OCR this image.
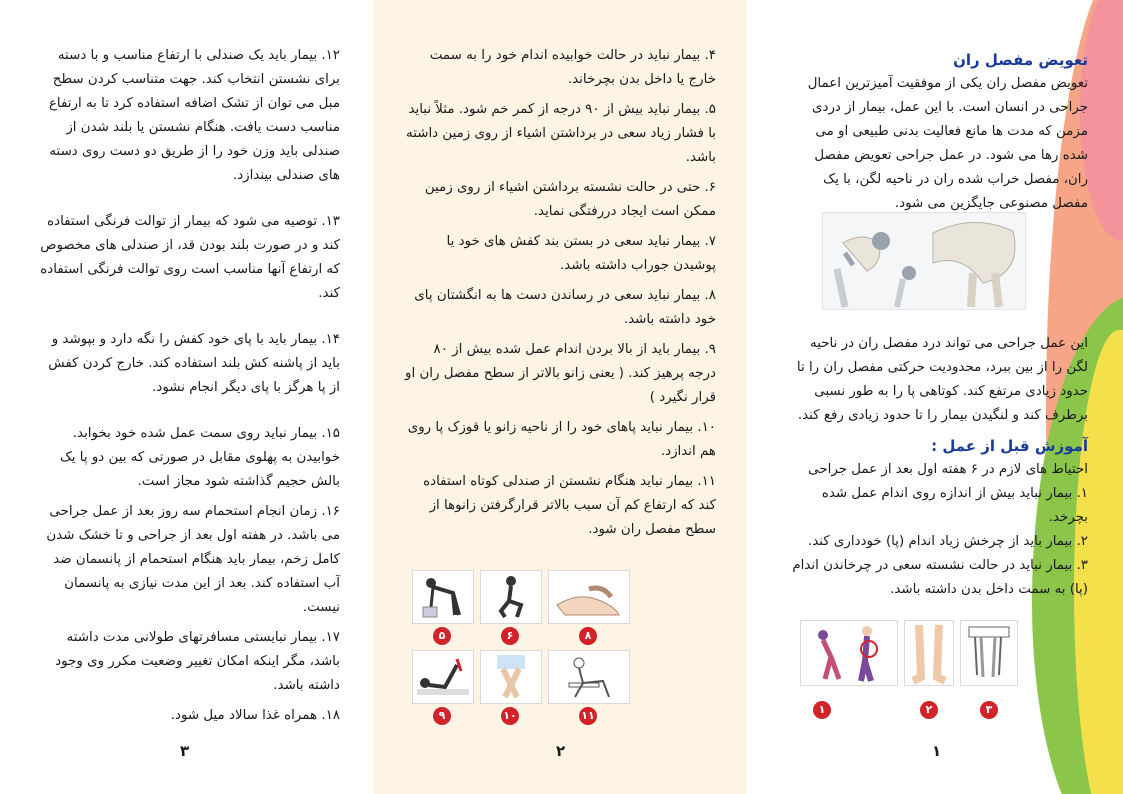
۱۲. بیمار باید یک صندلی با ارتفاع مناسب و با دسته برای نشستن انتخاب کند. جهت متناسب کردن سطح مبل می توان از تشک اضافه استفاده کرد تا به ارتفاع مناسب دست یافت. هنگام نشستن یا بلند شدن از صندلی باید وزن خود را از طریق دو دست روی دسته های صندلی بیندازد.
۱۳. توصیه می شود که بیمار از توالت فرنگی استفاده کند و در صورت بلند بودن قد، از صندلی های مخصوص که ارتفاع آنها مناسب است روی توالت فرنگی استفاده کند.
۱۴. بیمار باید با پای خود کفش را نگه دارد و بپوشد و باید از پاشنه کش بلند استفاده کند. خارج کردن کفش از پا هرگز با پای دیگر انجام نشود.
۱۵. بیمار نباید روی سمت عمل شده خود بخوابد. خوابیدن به پهلوی مقابل در صورتی که بین دو پا یک بالش حجیم گذاشته شود مجاز است.
۱۶. زمان انجام استحمام سه روز بعد از عمل جراحی می باشد. در هفته اول بعد از جراحی و تا خشک شدن کامل زخم، بیمار باید هنگام استحمام از پانسمان ضد آب استفاده کند. بعد از این مدت نیازی به پانسمان نیست.
۱۷. بیمار نبایستی مسافرتهای طولانی مدت داشته باشد، مگر اینکه امکان تغییر وضعیت مکرر وی وجود داشته باشد.
۱۸. همراه غذا سالاد میل شود.
۳
۴. بیمار نباید در حالت خوابیده اندام خود را به سمت خارج یا داخل بدن بچرخاند.
۵. بیمار نباید بیش از ۹۰ درجه از کمر خم شود. مثلاً نباید با فشار زیاد سعی در برداشتن اشیاء از روی زمین داشته باشد.
۶. حتی در حالت نشسته برداشتن اشیاء از روی زمین ممکن است ایجاد دررفتگی نماید.
۷. بیمار نباید سعی در بستن بند کفش های خود یا پوشیدن جوراب داشته باشد.
۸. بیمار نباید سعی در رساندن دست ها به انگشتان پای خود داشته باشد.
۹. بیمار باید از بالا بردن اندام عمل شده بیش از ۸۰ درجه پرهیز کند. ( یعنی زانو بالاتر از سطح مفصل ران او قرار نگیرد )
۱۰. بیمار نباید پاهای خود را از ناحیه زانو یا قوزک پا روی هم اندازد.
۱۱. بیمار نباید هنگام نشستن از صندلی کوتاه استفاده کند که ارتفاع کم آن سبب بالاتر قرارگرفتن زانوها از سطح مفصل ران شود.
۵	۶	۸
۹	۱۰	۱۱
۲
تعویض مفصل ران
تعویض مفصل ران یکی از موفقیت آمیزترین اعمال جراحی در انسان است. با این عمل، بیمار از دردی مزمن که مدت ها مانع فعالیت بدنی طبیعی او می شده رها می شود. در عمل جراحی تعویض مفصل ران، مفصل خراب شده ران در ناحیه لگن، با یک مفصل مصنوعی جایگزین می شود.
این عمل جراحی می تواند درد مفصل ران در ناحیه لگن را از بین ببرد، محدودیت حرکتی مفصل ران را تا حدود زیادی مرتفع کند. کوتاهی پا را به طور نسبی برطرف کند و لنگیدن بیمار را تا حدود زیادی رفع کند.
آموزش قبل از عمل :
احتیاط های لازم در ۶ هفته اول بعد از عمل جراحی
۱. بیمار نباید بیش از اندازه روی اندام عمل شده بچرخد.
۲. بیمار باید از چرخش زیاد اندام (پا) خودداری کند.
۳. بیمار نباید در حالت نشسته سعی در چرخاندن اندام (پا) به سمت داخل بدن داشته باشد.
۱	۲	۳
۱
